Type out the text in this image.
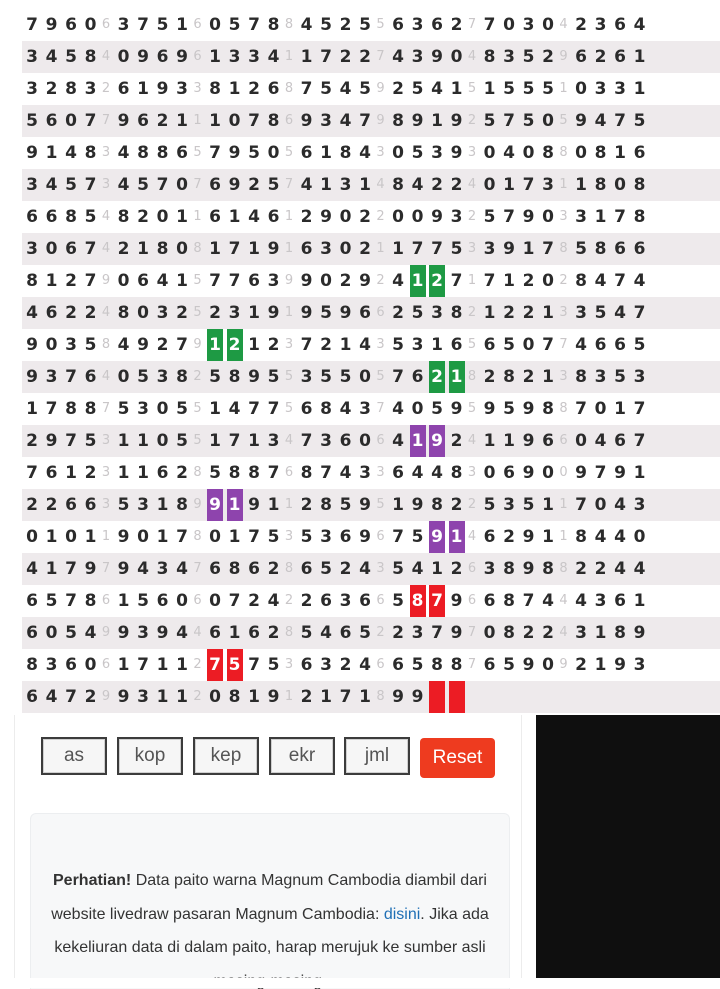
7 9 6 0 6 3 7 5 1 6 0 5 7 8 8 4 5 2 5 5 6 3 6 2 7 7 0 3 0 4 2 3 6 4
3 4 5 8 4 0 9 6 9 6 1 3 3 4 1 1 7 2 2 7 4 3 9 0 4 8 3 5 2 9 6 2 6 1
3 2 8 3 2 6 1 9 3 3 8 1 2 6 8 7 5 4 5 9 2 5 4 1 5 1 5 5 5 1 0 3 3 1
5 6 0 7 7 9 6 2 1 1 1 0 7 8 6 9 3 4 7 9 8 9 1 9 2 5 7 5 0 5 9 4 7 5
9 1 4 8 3 4 8 8 6 5 7 9 5 0 5 6 1 8 4 3 0 5 3 9 3 0 4 0 8 8 0 8 1 6
3 4 5 7 3 4 5 7 0 7 6 9 2 5 7 4 1 3 1 4 8 4 2 2 4 0 1 7 3 1 1 8 0 8
6 6 8 5 4 8 2 0 1 1 6 1 4 6 1 2 9 0 2 2 0 0 9 3 2 5 7 9 0 3 3 1 7 8
3 0 6 7 4 2 1 8 0 8 1 7 1 9 1 6 3 0 2 1 1 7 7 5 3 3 9 1 7 8 5 8 6 6
8 1 2 7 9 0 6 4 1 5 7 7 6 3 9 9 0 2 9 2 4 1 2 7 1 7 1 2 0 2 8 4 7 4
4 6 2 2 4 8 0 3 2 5 2 3 1 9 1 9 5 9 6 6 2 5 3 8 2 1 2 2 1 3 3 5 4 7
9 0 3 5 8 4 9 2 7 9 1 2 1 2 3 7 2 1 4 3 5 3 1 6 5 6 5 0 7 7 4 6 6 5
9 3 7 6 4 0 5 3 8 2 5 8 9 5 5 3 5 5 0 5 7 6 2 1 8 2 8 2 1 3 8 3 5 3
1 7 8 8 7 5 3 0 5 5 1 4 7 7 5 6 8 4 3 7 4 0 5 9 5 9 5 9 8 8 7 0 1 7
2 9 7 5 3 1 1 0 5 5 1 7 1 3 4 7 3 6 0 6 4 1 9 2 4 1 1 9 6 6 0 4 6 7
7 6 1 2 3 1 1 6 2 8 5 8 8 7 6 8 7 4 3 3 6 4 4 8 3 0 6 9 0 0 9 7 9 1
2 2 6 6 3 5 3 1 8 9 9 1 9 1 1 2 8 5 9 5 1 9 8 2 2 5 3 5 1 1 7 0 4 3
0 1 0 1 1 9 0 1 7 8 0 1 7 5 3 5 3 6 9 6 7 5 9 1 4 6 2 9 1 1 8 4 4 0
4 1 7 9 7 9 4 3 4 7 6 8 6 2 8 6 5 2 4 3 5 4 1 2 6 3 8 9 8 8 2 2 4 4
6 5 7 8 6 1 5 6 0 6 0 7 2 4 2 2 6 3 6 6 5 8 7 9 6 6 8 7 4 4 4 3 6 1
6 0 5 4 9 9 3 9 4 4 6 1 6 2 8 5 4 6 5 2 2 3 7 9 7 0 8 2 2 4 3 1 8 9
8 3 6 0 6 1 7 1 1 2 7 5 7 5 3 6 3 2 4 6 6 5 8 8 7 6 5 9 0 9 2 1 9 3
6 4 7 2 9 9 3 1 1 2 0 8 1 9 1 2 1 7 1 8 9 9
as	kop	kep	ekr	jml	Reset

Perhatian! Data paito warna Magnum Cambodia diambil dari website livedraw pasaran Magnum Cambodia: disini. Jika ada kekeliuran data di dalam paito, harap merujuk ke sumber asli
